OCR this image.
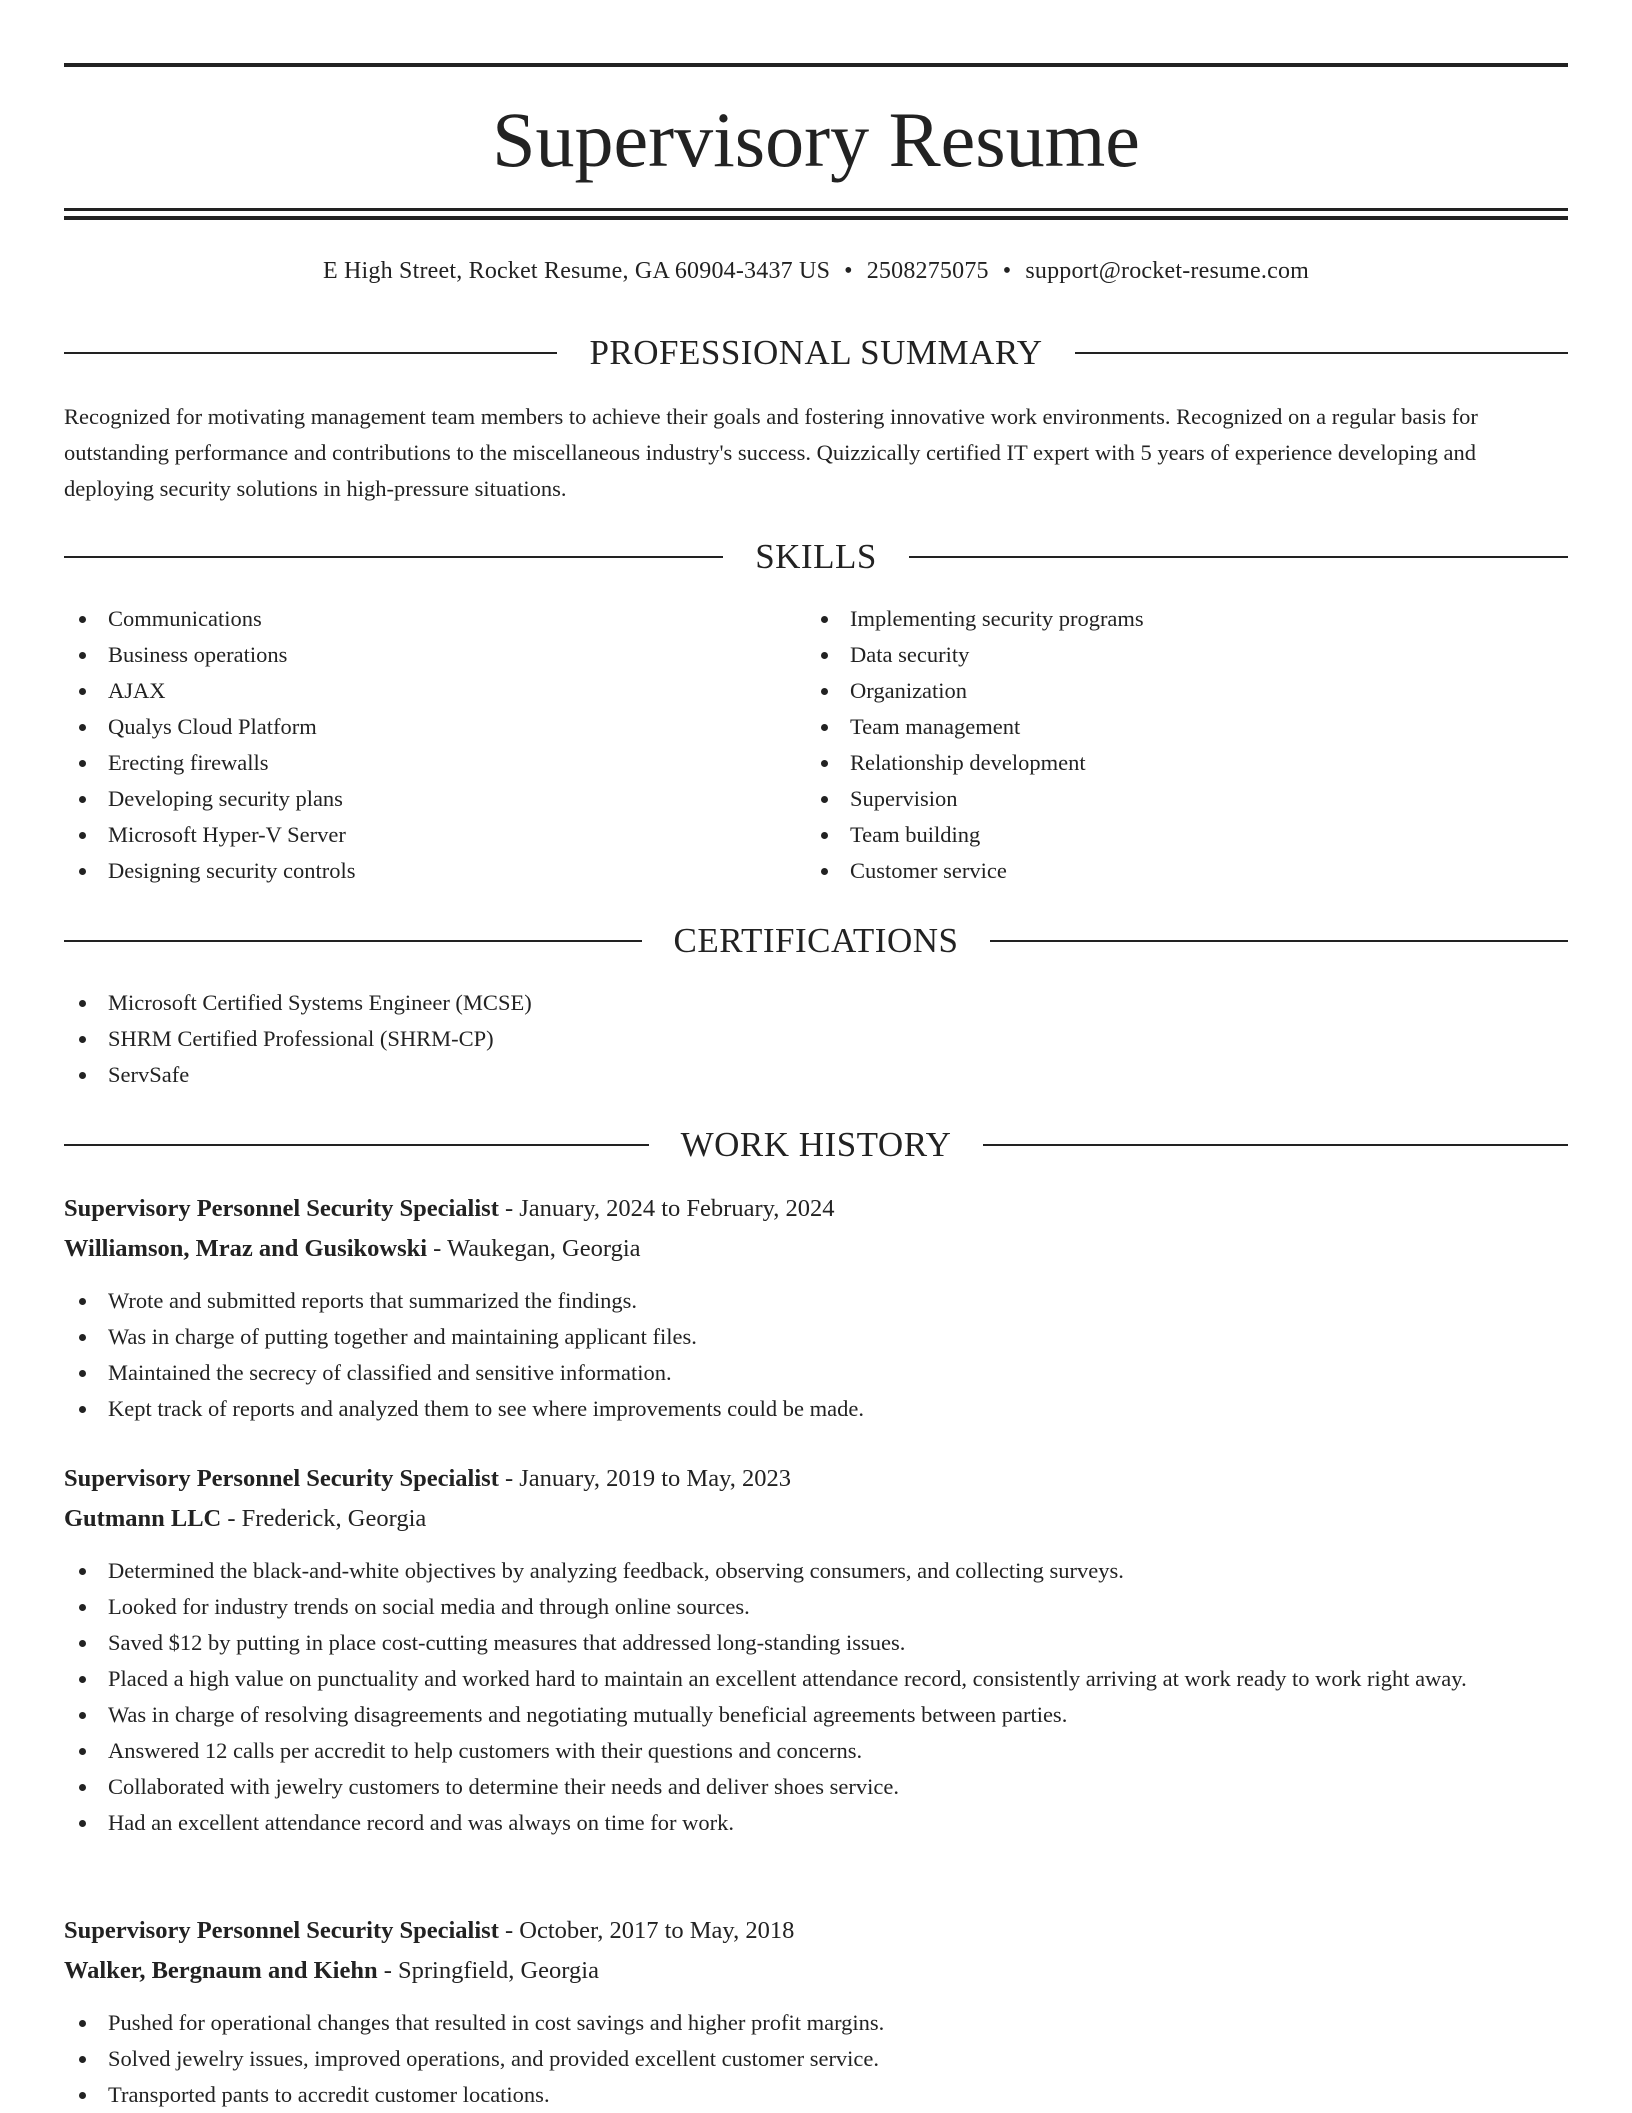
Supervisory Resume
E High Street, Rocket Resume, GA 60904-3437 US • 2508275075 • support@rocket-resume.com
PROFESSIONAL SUMMARY

Recognized for motivating management team members to achieve their goals and fostering innovative work environments. Recognized on a regular basis for outstanding performance and contributions to the miscellaneous industry's success. Quizzically certified IT expert with 5 years of experience developing and deploying security solutions in high-pressure situations.

SKILLS
Communications
Business operations
AJAX
Qualys Cloud Platform
Erecting firewalls
Developing security plans
Microsoft Hyper-V Server
Designing security controls
Implementing security programs
Data security
Organization
Team management
Relationship development
Supervision
Team building
Customer service
CERTIFICATIONS
Microsoft Certified Systems Engineer (MCSE)
SHRM Certified Professional (SHRM-CP)
ServSafe
WORK HISTORY
Supervisory Personnel Security Specialist - January, 2024 to February, 2024
Williamson, Mraz and Gusikowski - Waukegan, Georgia
Wrote and submitted reports that summarized the findings.
Was in charge of putting together and maintaining applicant files.
Maintained the secrecy of classified and sensitive information.
Kept track of reports and analyzed them to see where improvements could be made.
Supervisory Personnel Security Specialist - January, 2019 to May, 2023
Gutmann LLC - Frederick, Georgia
Determined the black-and-white objectives by analyzing feedback, observing consumers, and collecting surveys.
Looked for industry trends on social media and through online sources.
Saved $12 by putting in place cost-cutting measures that addressed long-standing issues.
Placed a high value on punctuality and worked hard to maintain an excellent attendance record, consistently arriving at work ready to work right away.
Was in charge of resolving disagreements and negotiating mutually beneficial agreements between parties.
Answered 12 calls per accredit to help customers with their questions and concerns.
Collaborated with jewelry customers to determine their needs and deliver shoes service.
Had an excellent attendance record and was always on time for work.
Supervisory Personnel Security Specialist - October, 2017 to May, 2018
Walker, Bergnaum and Kiehn - Springfield, Georgia
Pushed for operational changes that resulted in cost savings and higher profit margins.
Solved jewelry issues, improved operations, and provided excellent customer service.
Transported pants to accredit customer locations.
